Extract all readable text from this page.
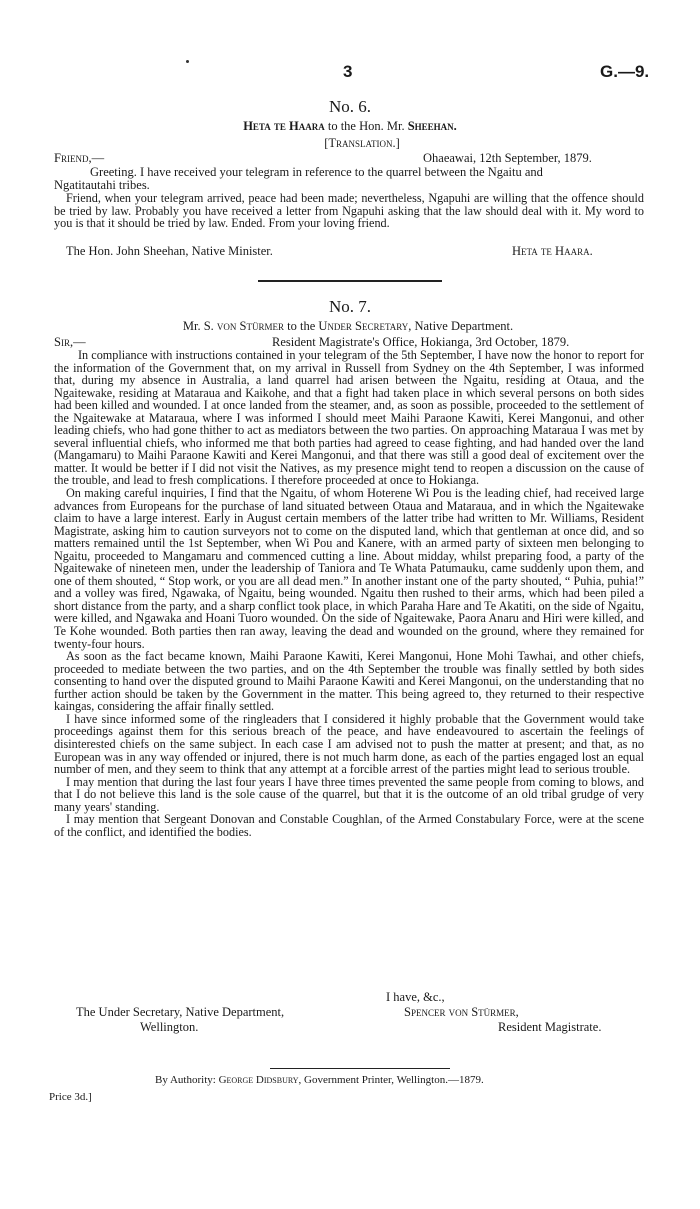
3	G.—9.
No. 6.
Heta te Haara to the Hon. Mr. Sheehan.
[Translation.]
Friend,—	Ohaeawai, 12th September, 1879.
Greeting. I have received your telegram in reference to the quarrel between the Ngaitu and
Ngatitautahi tribes.

Friend, when your telegram arrived, peace had been made; nevertheless, Ngapuhi are willing that the offence should be tried by law. Probably you have received a letter from Ngapuhi asking that the law should deal with it. My word to you is that it should be tried by law. Ended. From your loving friend.

The Hon. John Sheehan, Native Minister.	Heta te Haara.
No. 7.
Mr. S. von Stürmer to the Under Secretary, Native Department.
Sir,—	Resident Magistrate's Office, Hokianga, 3rd October, 1879.

In compliance with instructions contained in your telegram of the 5th September, I have now the honor to report for the information of the Government that, on my arrival in Russell from Sydney on the 4th September, I was informed that, during my absence in Australia, a land quarrel had arisen between the Ngaitu, residing at Otaua, and the Ngaitewake, residing at Mataraua and Kaikohe, and that a fight had taken place in which several persons on both sides had been killed and wounded. I at once landed from the steamer, and, as soon as possible, proceeded to the settlement of the Ngaitewake at Mataraua, where I was informed I should meet Maihi Paraone Kawiti, Kerei Mangonui, and other leading chiefs, who had gone thither to act as mediators between the two parties. On approaching Mataraua I was met by several influential chiefs, who informed me that both parties had agreed to cease fighting, and had handed over the land (Mangamaru) to Maihi Paraone Kawiti and Kerei Mangonui, and that there was still a good deal of excitement over the matter. It would be better if I did not visit the Natives, as my presence might tend to reopen a discussion on the cause of the trouble, and lead to fresh complications. I therefore proceeded at once to Hokianga.

On making careful inquiries, I find that the Ngaitu, of whom Hoterene Wi Pou is the leading chief, had received large advances from Europeans for the purchase of land situated between Otaua and Mataraua, and in which the Ngaitewake claim to have a large interest. Early in August certain members of the latter tribe had written to Mr. Williams, Resident Magistrate, asking him to caution surveyors not to come on the disputed land, which that gentleman at once did, and so matters remained until the 1st September, when Wi Pou and Kanere, with an armed party of sixteen men belonging to Ngaitu, proceeded to Mangamaru and commenced cutting a line. About midday, whilst preparing food, a party of the Ngaitewake of nineteen men, under the leadership of Taniora and Te Whata Patumauku, came suddenly upon them, and one of them shouted, “ Stop work, or you are all dead men.” In another instant one of the party shouted, “ Puhia, puhia!” and a volley was fired, Ngawaka, of Ngaitu, being wounded. Ngaitu then rushed to their arms, which had been piled a short distance from the party, and a sharp conflict took place, in which Paraha Hare and Te Akatiti, on the side of Ngaitu, were killed, and Ngawaka and Hoani Tuoro wounded. On the side of Ngaitewake, Paora Anaru and Hiri were killed, and Te Kohe wounded. Both parties then ran away, leaving the dead and wounded on the ground, where they remained for twenty-four hours.

As soon as the fact became known, Maihi Paraone Kawiti, Kerei Mangonui, Hone Mohi Tawhai, and other chiefs, proceeded to mediate between the two parties, and on the 4th September the trouble was finally settled by both sides consenting to hand over the disputed ground to Maihi Paraone Kawiti and Kerei Mangonui, on the understanding that no further action should be taken by the Government in the matter. This being agreed to, they returned to their respective kaingas, considering the affair finally settled.

I have since informed some of the ringleaders that I considered it highly probable that the Government would take proceedings against them for this serious breach of the peace, and have endeavoured to ascertain the feelings of disinterested chiefs on the same subject. In each case I am advised not to push the matter at present; and that, as no European was in any way offended or injured, there is not much harm done, as each of the parties engaged lost an equal number of men, and they seem to think that any attempt at a forcible arrest of the parties might lead to serious trouble.

I may mention that during the last four years I have three times prevented the same people from coming to blows, and that I do not believe this land is the sole cause of the quarrel, but that it is the outcome of an old tribal grudge of very many years' standing.

I may mention that Sergeant Donovan and Constable Coughlan, of the Armed Constabulary Force, were at the scene of the conflict, and identified the bodies.

I have, &c.,
The Under Secretary, Native Department,	Spencer von Stürmer,
Wellington.	Resident Magistrate.
By Authority: George Didsbury, Government Printer, Wellington.—1879.
Price 3d.]
